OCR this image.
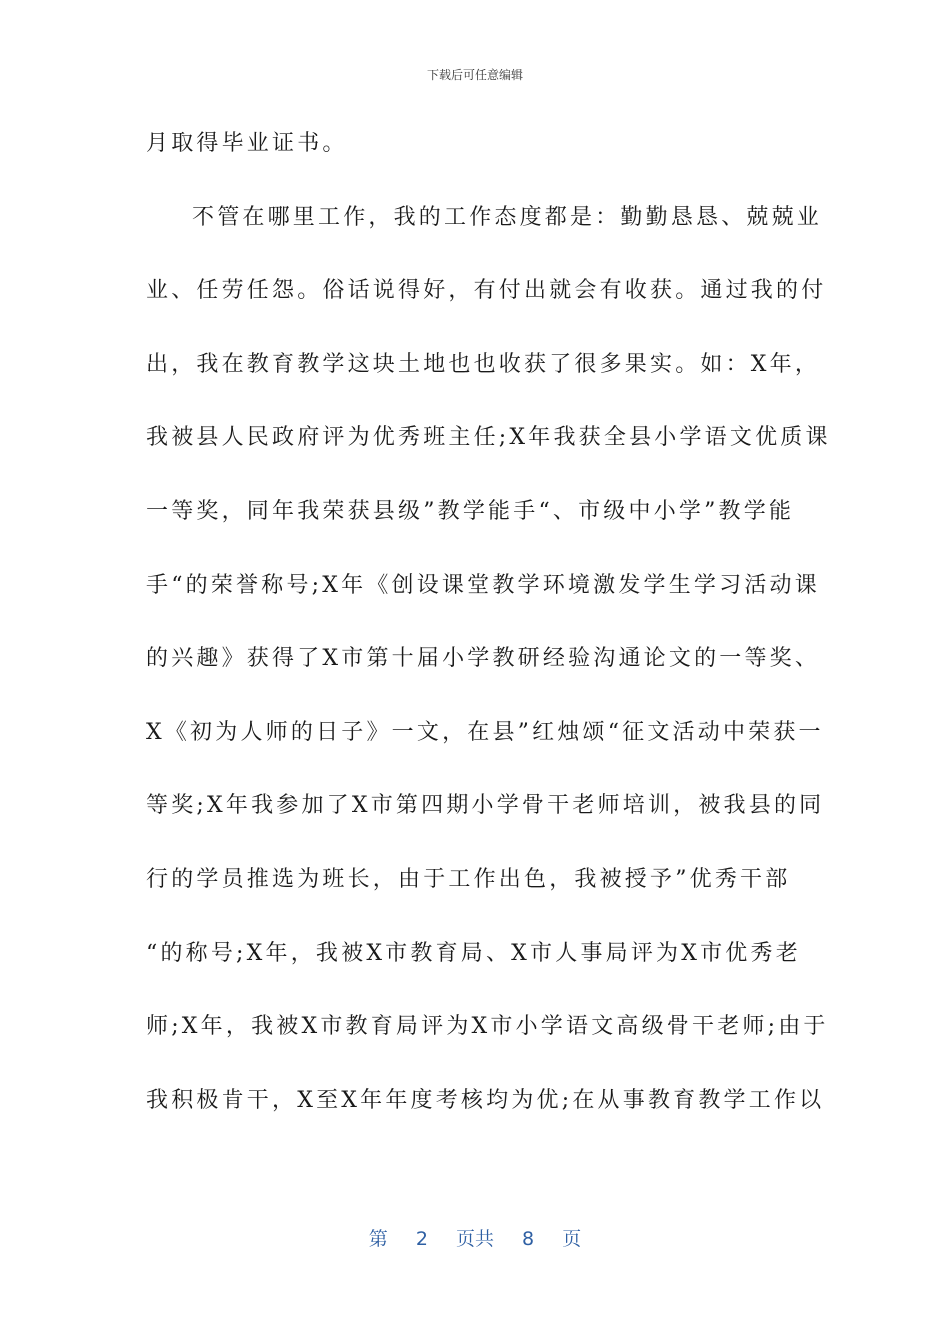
下载后可任意编辑
月取得毕业证书。
不管在哪里工作，我的工作态度都是：勤勤恳恳、兢兢业
业、任劳任怨。俗话说得好，有付出就会有收获。通过我的付
出，我在教育教学这块土地也也收获了很多果实。如：X年，
我被县人民政府评为优秀班主任;X年我获全县小学语文优质课
一等奖，同年我荣获县级”教学能手“、市级中小学”教学能
手“的荣誉称号;X年《创设课堂教学环境激发学生学习活动课
的兴趣》获得了X市第十届小学教研经验沟通论文的一等奖、
X《初为人师的日子》一文，在县”红烛颂“征文活动中荣获一
等奖;X年我参加了X市第四期小学骨干老师培训，被我县的同
行的学员推选为班长，由于工作出色，我被授予”优秀干部
“的称号;X年，我被X市教育局、X市人事局评为X市优秀老
师;X年，我被X市教育局评为X市小学语文高级骨干老师;由于
我积极肯干，X至X年年度考核均为优;在从事教育教学工作以
第 2 页共 8 页
